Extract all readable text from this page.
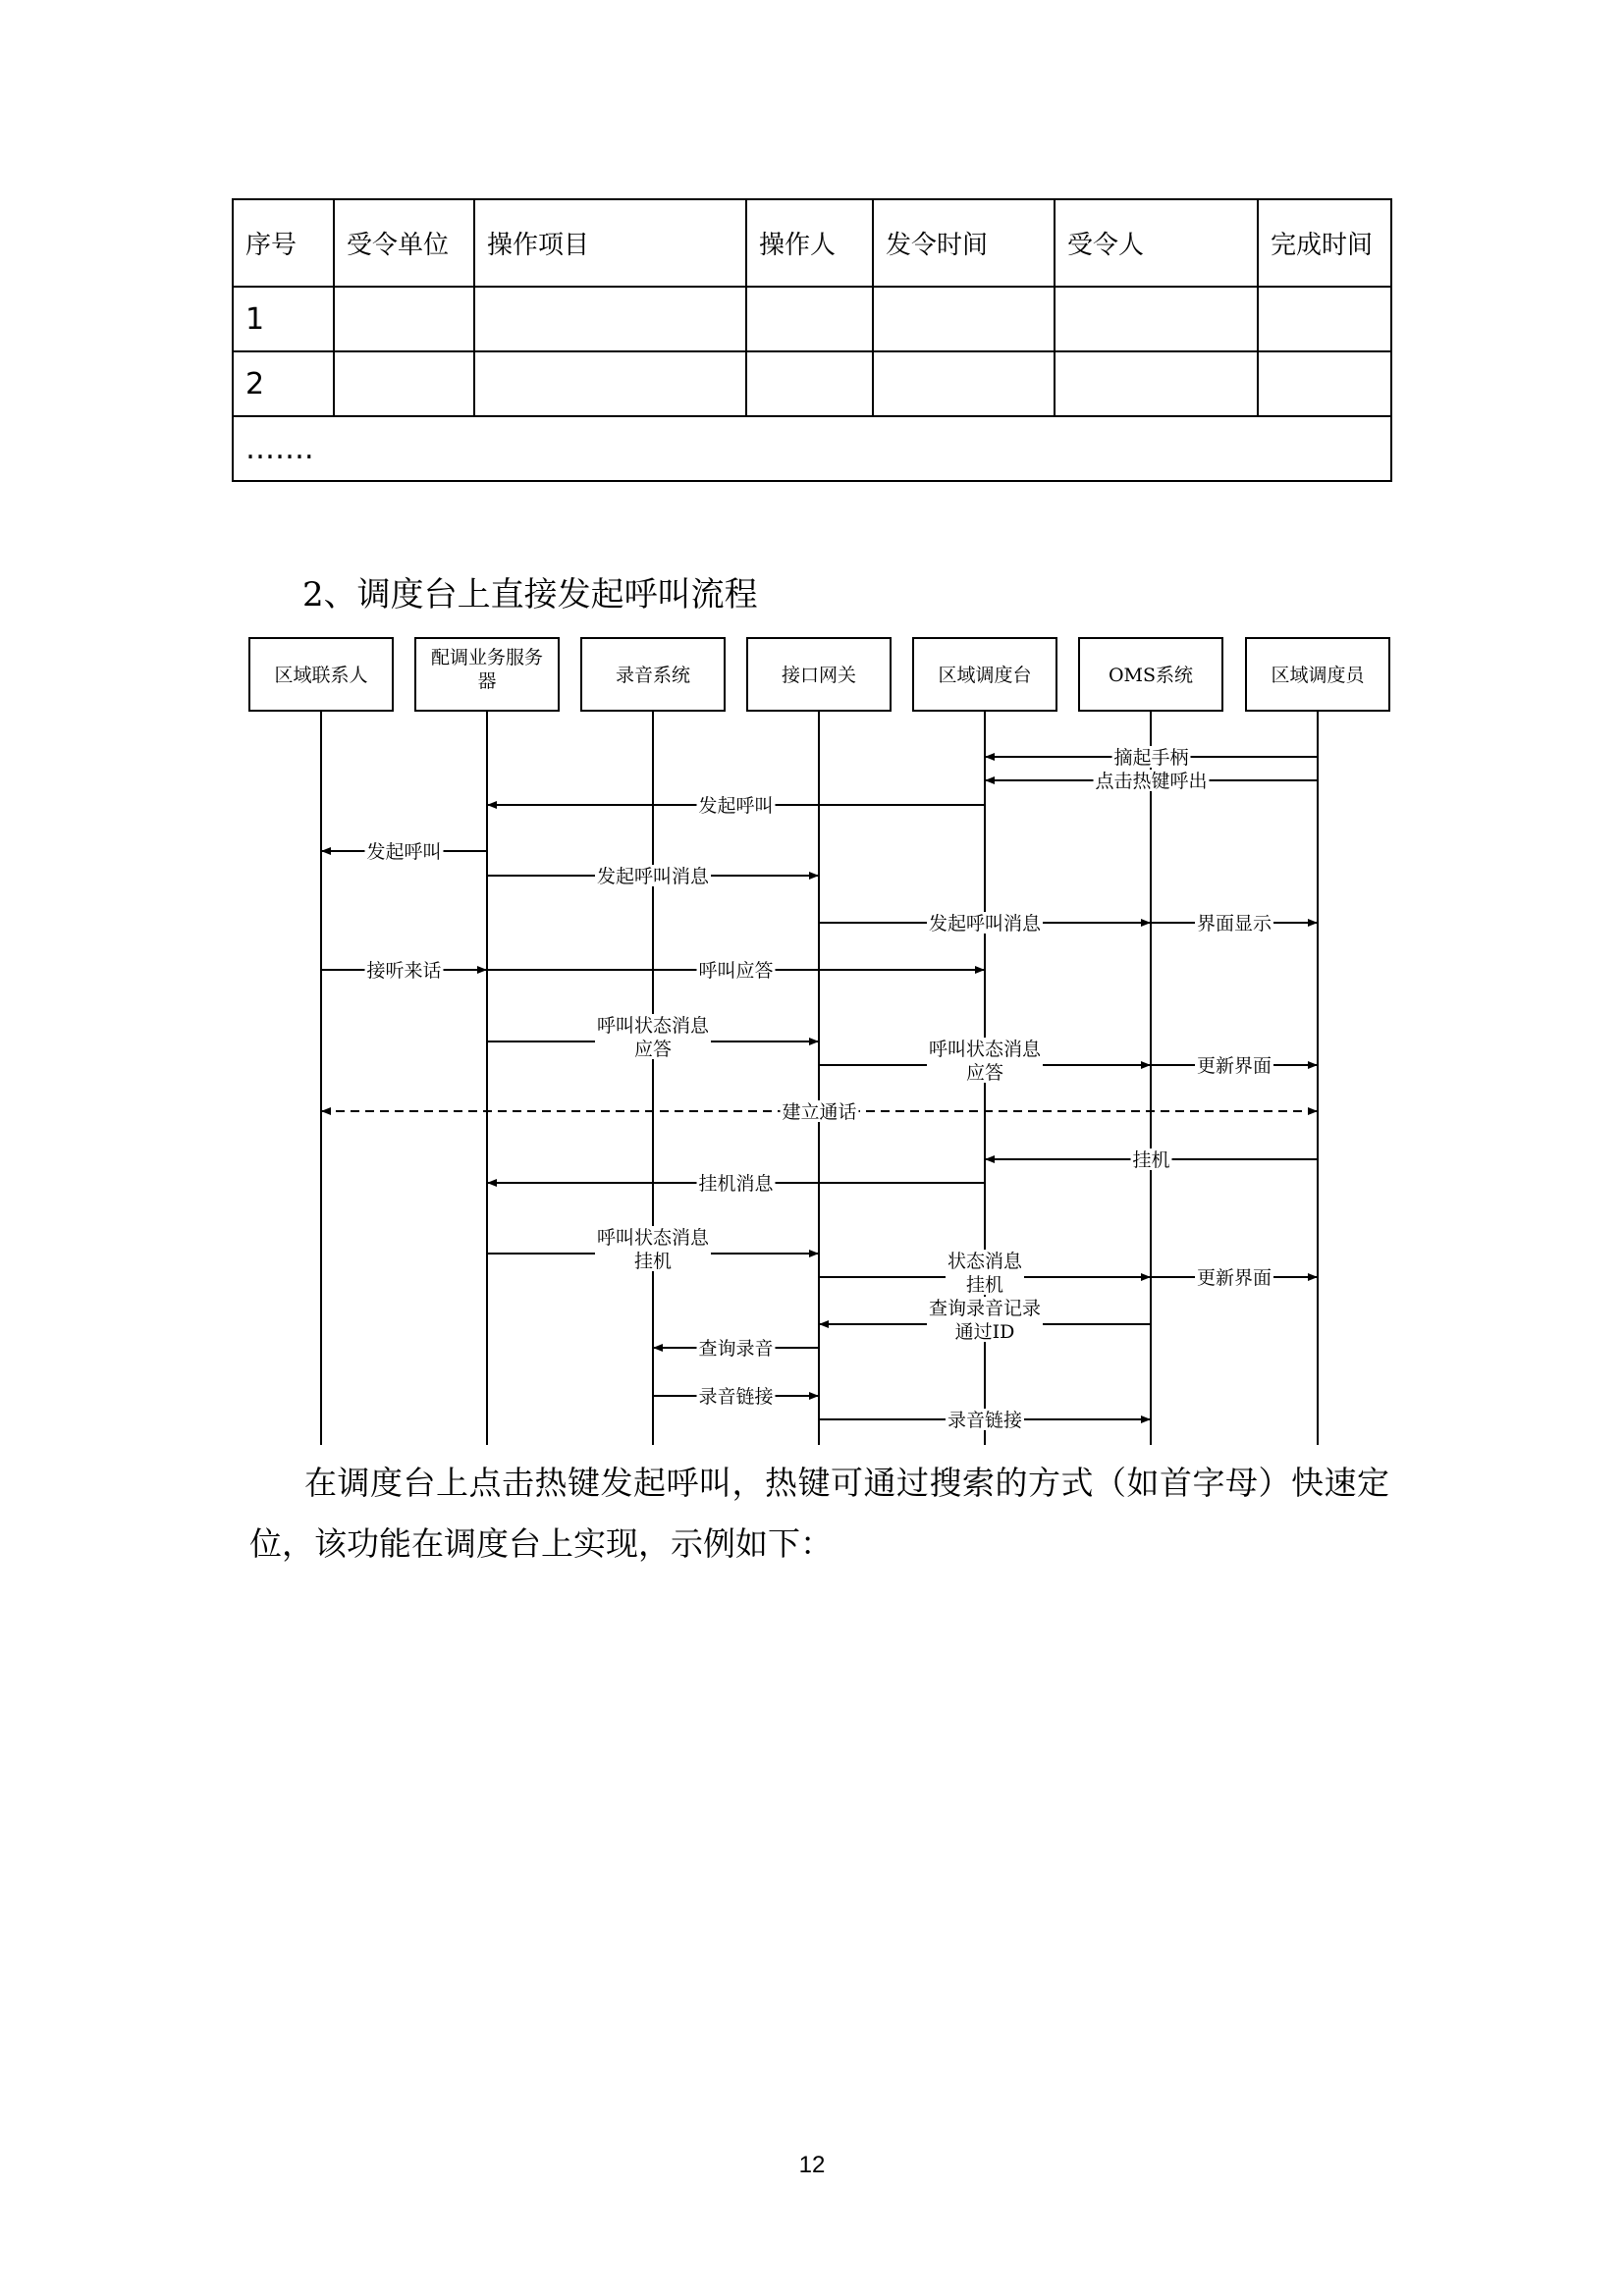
序号	受令单位	操作项目	操作人	发令时间	受令人	完成时间
1						
2						
…….						
2、调度台上直接发起呼叫流程
区域联系人
配调业务服务
器	录音系统	接口网关	区域调度台	OMS系统	区域调度员
摘起手柄
点击热键呼出
发起呼叫
发起呼叫
发起呼叫消息
发起呼叫消息	界面显示
接听来话	呼叫应答
呼叫状态消息
应答	呼叫状态消息
应答	更新界面
建立通话
挂机
挂机消息
呼叫状态消息
挂机	状态消息
挂机	更新界面
查询录音记录
通过ID
查询录音
录音链接
录音链接
在调度台上点击热键发起呼叫，热键可通过搜索的方式（如首字母）快速定
位，该功能在调度台上实现，示例如下：
12
